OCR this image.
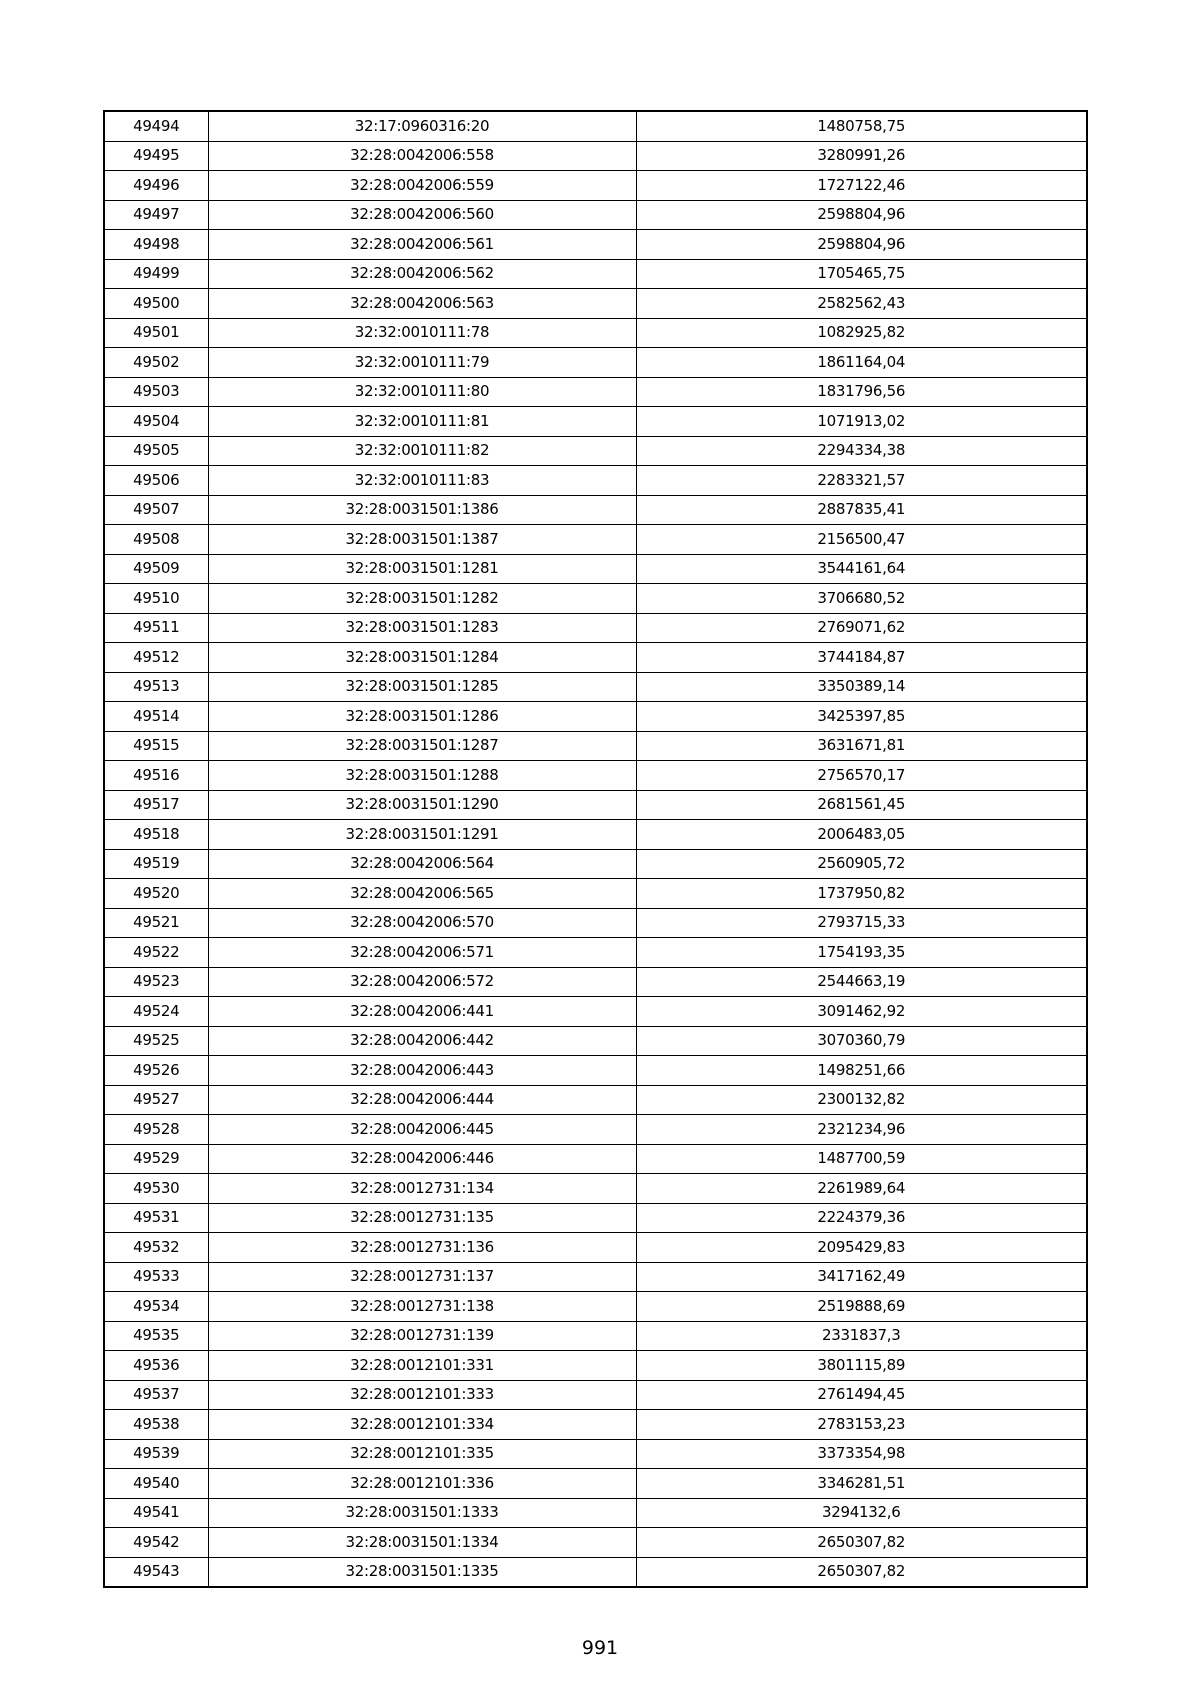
49494	32:17:0960316:20	1480758,75
49495	32:28:0042006:558	3280991,26
49496	32:28:0042006:559	1727122,46
49497	32:28:0042006:560	2598804,96
49498	32:28:0042006:561	2598804,96
49499	32:28:0042006:562	1705465,75
49500	32:28:0042006:563	2582562,43
49501	32:32:0010111:78	1082925,82
49502	32:32:0010111:79	1861164,04
49503	32:32:0010111:80	1831796,56
49504	32:32:0010111:81	1071913,02
49505	32:32:0010111:82	2294334,38
49506	32:32:0010111:83	2283321,57
49507	32:28:0031501:1386	2887835,41
49508	32:28:0031501:1387	2156500,47
49509	32:28:0031501:1281	3544161,64
49510	32:28:0031501:1282	3706680,52
49511	32:28:0031501:1283	2769071,62
49512	32:28:0031501:1284	3744184,87
49513	32:28:0031501:1285	3350389,14
49514	32:28:0031501:1286	3425397,85
49515	32:28:0031501:1287	3631671,81
49516	32:28:0031501:1288	2756570,17
49517	32:28:0031501:1290	2681561,45
49518	32:28:0031501:1291	2006483,05
49519	32:28:0042006:564	2560905,72
49520	32:28:0042006:565	1737950,82
49521	32:28:0042006:570	2793715,33
49522	32:28:0042006:571	1754193,35
49523	32:28:0042006:572	2544663,19
49524	32:28:0042006:441	3091462,92
49525	32:28:0042006:442	3070360,79
49526	32:28:0042006:443	1498251,66
49527	32:28:0042006:444	2300132,82
49528	32:28:0042006:445	2321234,96
49529	32:28:0042006:446	1487700,59
49530	32:28:0012731:134	2261989,64
49531	32:28:0012731:135	2224379,36
49532	32:28:0012731:136	2095429,83
49533	32:28:0012731:137	3417162,49
49534	32:28:0012731:138	2519888,69
49535	32:28:0012731:139	2331837,3
49536	32:28:0012101:331	3801115,89
49537	32:28:0012101:333	2761494,45
49538	32:28:0012101:334	2783153,23
49539	32:28:0012101:335	3373354,98
49540	32:28:0012101:336	3346281,51
49541	32:28:0031501:1333	3294132,6
49542	32:28:0031501:1334	2650307,82
49543	32:28:0031501:1335	2650307,82
991
